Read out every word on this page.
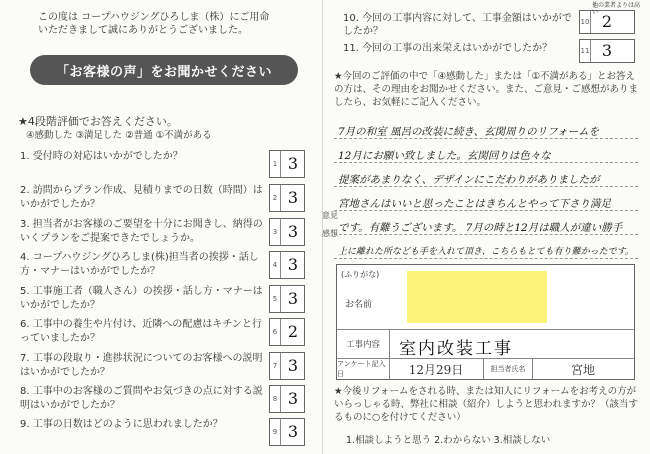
この度は コープハウジングひろしま（株）にご用命
いただきまして誠にありがとうございました。
「お客様の声」をお聞かせください
★4段階評価でお答えください。
④感動した ③満足した ②普通 ①不満がある
1. 受付時の対応はいかがでしたか？
1 3
2. 訪問からプラン作成、見積りまでの日数（時間）はいかがでしたか？
2 3
3. 担当者がお客様のご要望を十分にお聞きし、納得のいくプランをご提案できたでしょうか。
3 3
4. コープハウジングひろしま(株)担当者の挨拶・話し方・マナーはいかがでしたか？
4 3
5. 工事施工者（職人さん）の挨拶・話し方・マナーはいかがでしたか？
5 3
6. 工事中の養生や片付け、近隣への配慮はキチンと行っていましたか？
6 2
7. 工事の段取り・進捗状況についてのお客様への説明はいかがでしたか？
7 3
8. 工事中のお客様のご質問やお気づきの点に対する説明はいかがでしたか？
8 3
9. 工事の日数はどのように思われましたか？
9 3
10. 今回の工事内容に対して、工事金額はいかがでしたか？
10 2
他の業者よりは高い
11. 今回の工事の出来栄えはいかがでしたか？	11 3
★今回のご評価の中で「④感動した」または「①不満がある」とお答えの方は、その理由をお聞かせください。また、ご意見・ご感想がありましたら、お気軽にご記入ください。
7月の和室 風呂の改装に続き、玄関周りのリフォームを
12月にお願い致しました。玄関回りは色々な
提案があまりなく、デザインにこだわりがありましたが
宮地さんはいいと思ったことはきちんとやって下さり満足
です。有難うございます。 7月の時と12月は職人が違い勝手
上に離れた所なども手を入れて頂き、こちらもとても有り難かったです。
意見
感想
(ふりがな)
お名前
工事内容	室内改装工事
アンケート記入日	12月29日	担当者氏名	宮地
★今後リフォームをされる時、または知人にリフォームをお考えの方がいらっしゃる時、弊社に相談（紹介）しようと思われますか？（該当するものに○を付けてください）
1.相談しようと思う 2.わからない 3.相談しない
